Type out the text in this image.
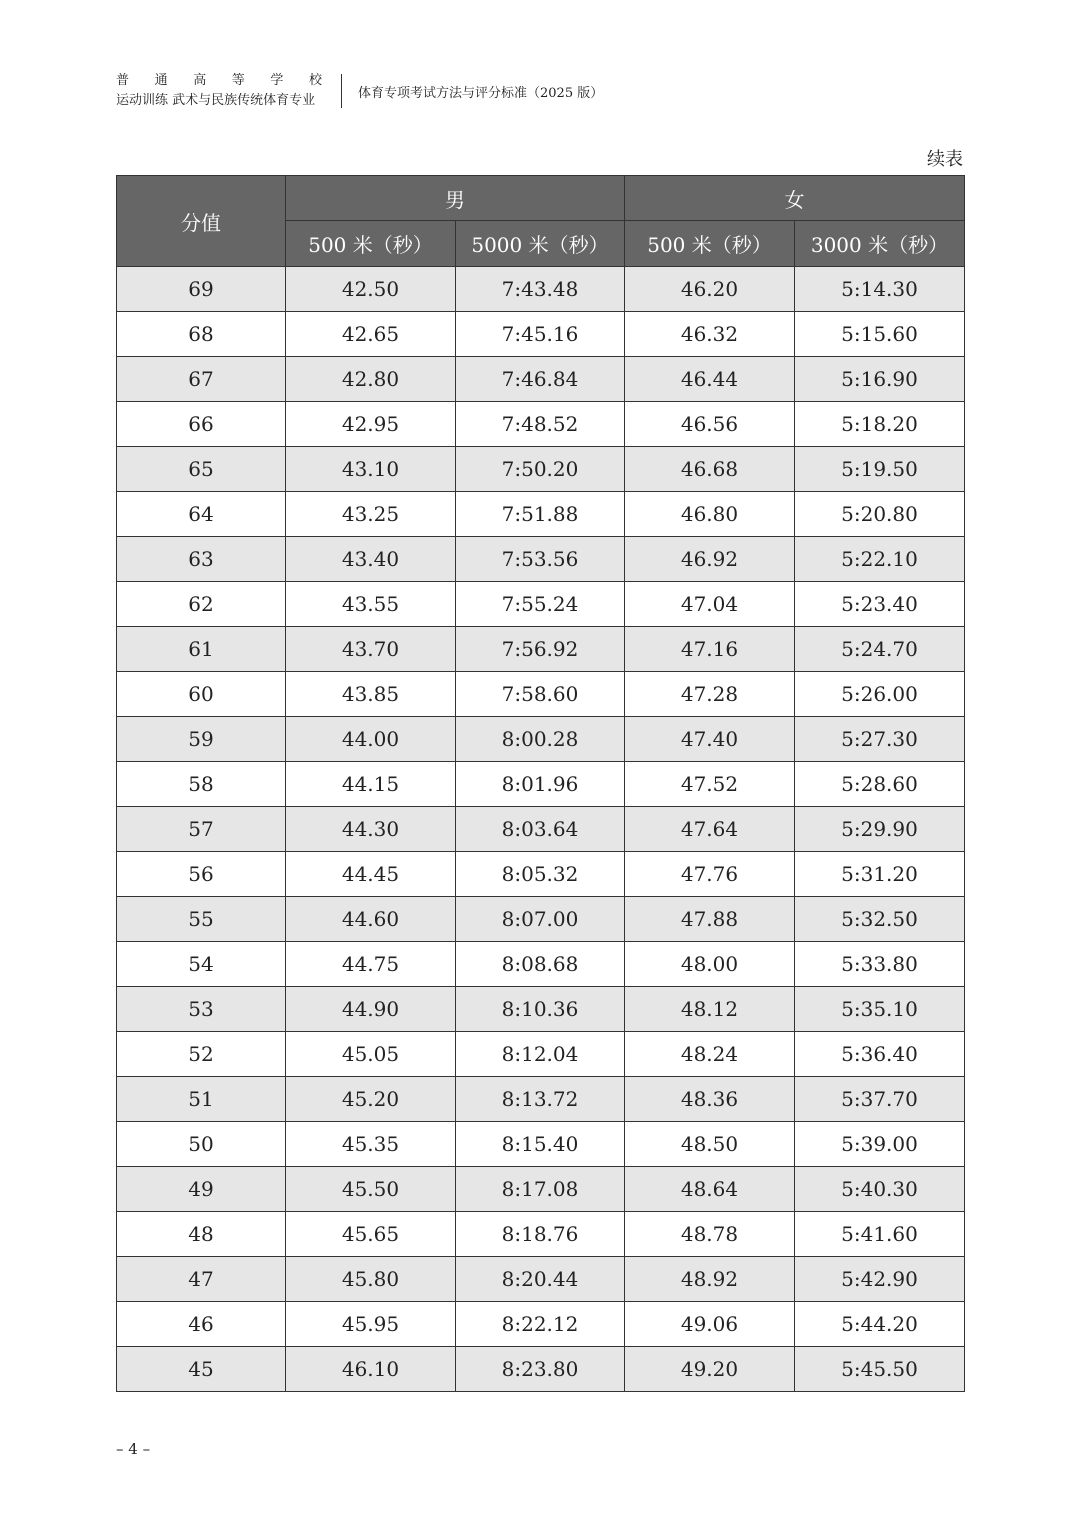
普 通 高 等 学 校
运动训练 武术与民族传统体育专业	体育专项考试方法与评分标准（2025 版）
续表
分值	男		女	
	500 米（秒）	5000 米（秒）	500 米（秒）	3000 米（秒）
69	42.50	7:43.48	46.20	5:14.30
68	42.65	7:45.16	46.32	5:15.60
67	42.80	7:46.84	46.44	5:16.90
66	42.95	7:48.52	46.56	5:18.20
65	43.10	7:50.20	46.68	5:19.50
64	43.25	7:51.88	46.80	5:20.80
63	43.40	7:53.56	46.92	5:22.10
62	43.55	7:55.24	47.04	5:23.40
61	43.70	7:56.92	47.16	5:24.70
60	43.85	7:58.60	47.28	5:26.00
59	44.00	8:00.28	47.40	5:27.30
58	44.15	8:01.96	47.52	5:28.60
57	44.30	8:03.64	47.64	5:29.90
56	44.45	8:05.32	47.76	5:31.20
55	44.60	8:07.00	47.88	5:32.50
54	44.75	8:08.68	48.00	5:33.80
53	44.90	8:10.36	48.12	5:35.10
52	45.05	8:12.04	48.24	5:36.40
51	45.20	8:13.72	48.36	5:37.70
50	45.35	8:15.40	48.50	5:39.00
49	45.50	8:17.08	48.64	5:40.30
48	45.65	8:18.76	48.78	5:41.60
47	45.80	8:20.44	48.92	5:42.90
46	45.95	8:22.12	49.06	5:44.20
45	46.10	8:23.80	49.20	5:45.50
– 4 –
